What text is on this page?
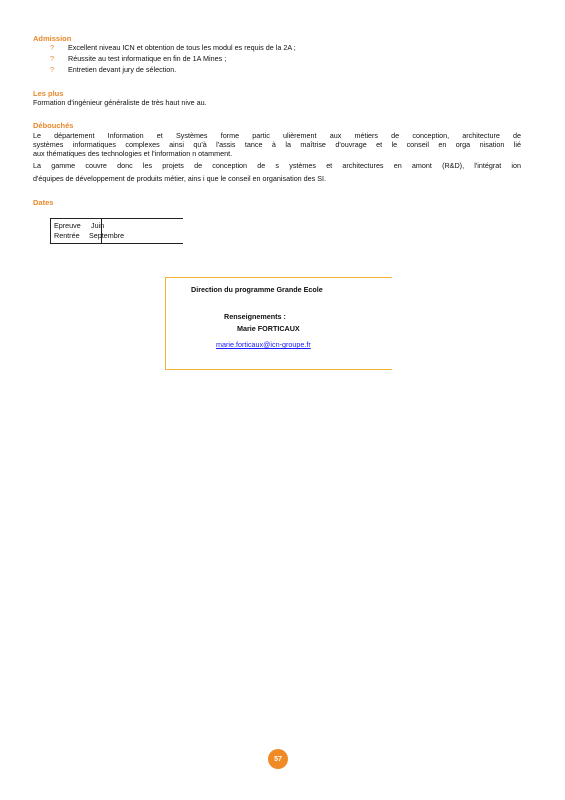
Admission
? Excellent niveau ICN et obtention de tous les modul es requis de la 2A ;
? Réussite au test informatique en fin de 1A Mines ;
? Entretien devant jury de sélection.
Les plus
Formation d'ingénieur généraliste de très haut nive au.
Débouchés
Le département Information et Systèmes forme partic ulièrement aux métiers de conception, architecture de
systèmes informatiques complexes ainsi qu'à l'assis tance à la maîtrise d'ouvrage et le conseil en orga nisation lié
aux thématiques des technologies et l'information n otamment.
La gamme couvre donc les projets de conception de s ystèmes et architectures en amont (R&D), l'intégrat ion
d'équipes de développement de produits métier, ains i que le conseil en organisation des SI.
Dates
Epreuve Juin
Rentrée Septembre
Direction du programme Grande Ecole
Renseignements :
Marie FORTICAUX
marie.forticaux@icn-groupe.fr
57
